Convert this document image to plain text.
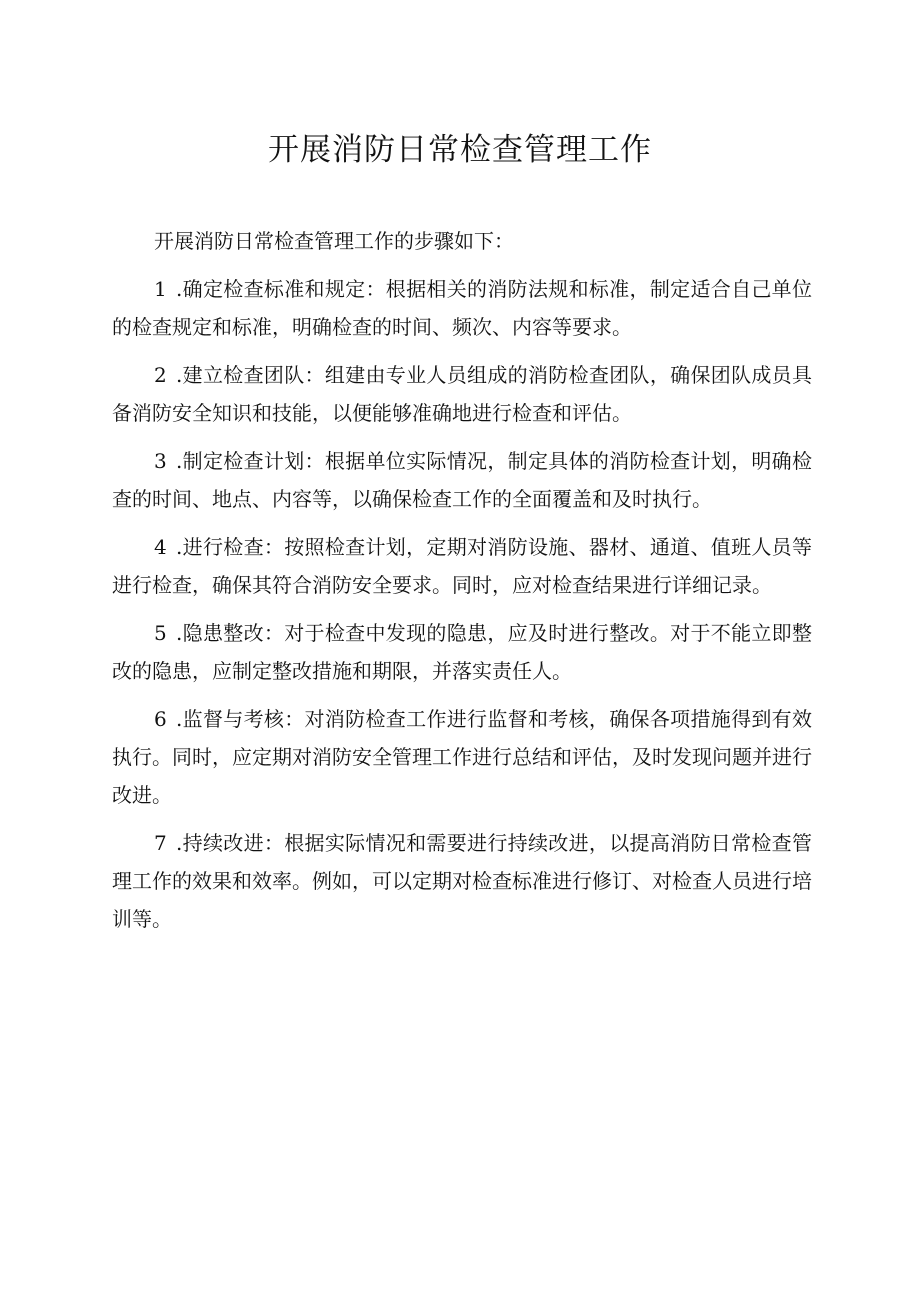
开展消防日常检查管理工作

开展消防日常检查管理工作的步骤如下：

1 .确定检查标准和规定：根据相关的消防法规和标准，制定适合自己单位的检查规定和标准，明确检查的时间、频次、内容等要求。

2 .建立检查团队：组建由专业人员组成的消防检查团队，确保团队成员具备消防安全知识和技能，以便能够准确地进行检查和评估。

3 .制定检查计划：根据单位实际情况，制定具体的消防检查计划，明确检查的时间、地点、内容等，以确保检查工作的全面覆盖和及时执行。

4 .进行检查：按照检查计划，定期对消防设施、器材、通道、值班人员等进行检查，确保其符合消防安全要求。同时，应对检查结果进行详细记录。

5 .隐患整改：对于检查中发现的隐患，应及时进行整改。对于不能立即整改的隐患，应制定整改措施和期限，并落实责任人。

6 .监督与考核：对消防检查工作进行监督和考核，确保各项措施得到有效执行。同时，应定期对消防安全管理工作进行总结和评估，及时发现问题并进行改进。

7 .持续改进：根据实际情况和需要进行持续改进，以提高消防日常检查管理工作的效果和效率。例如，可以定期对检查标准进行修订、对检查人员进行培训等。
